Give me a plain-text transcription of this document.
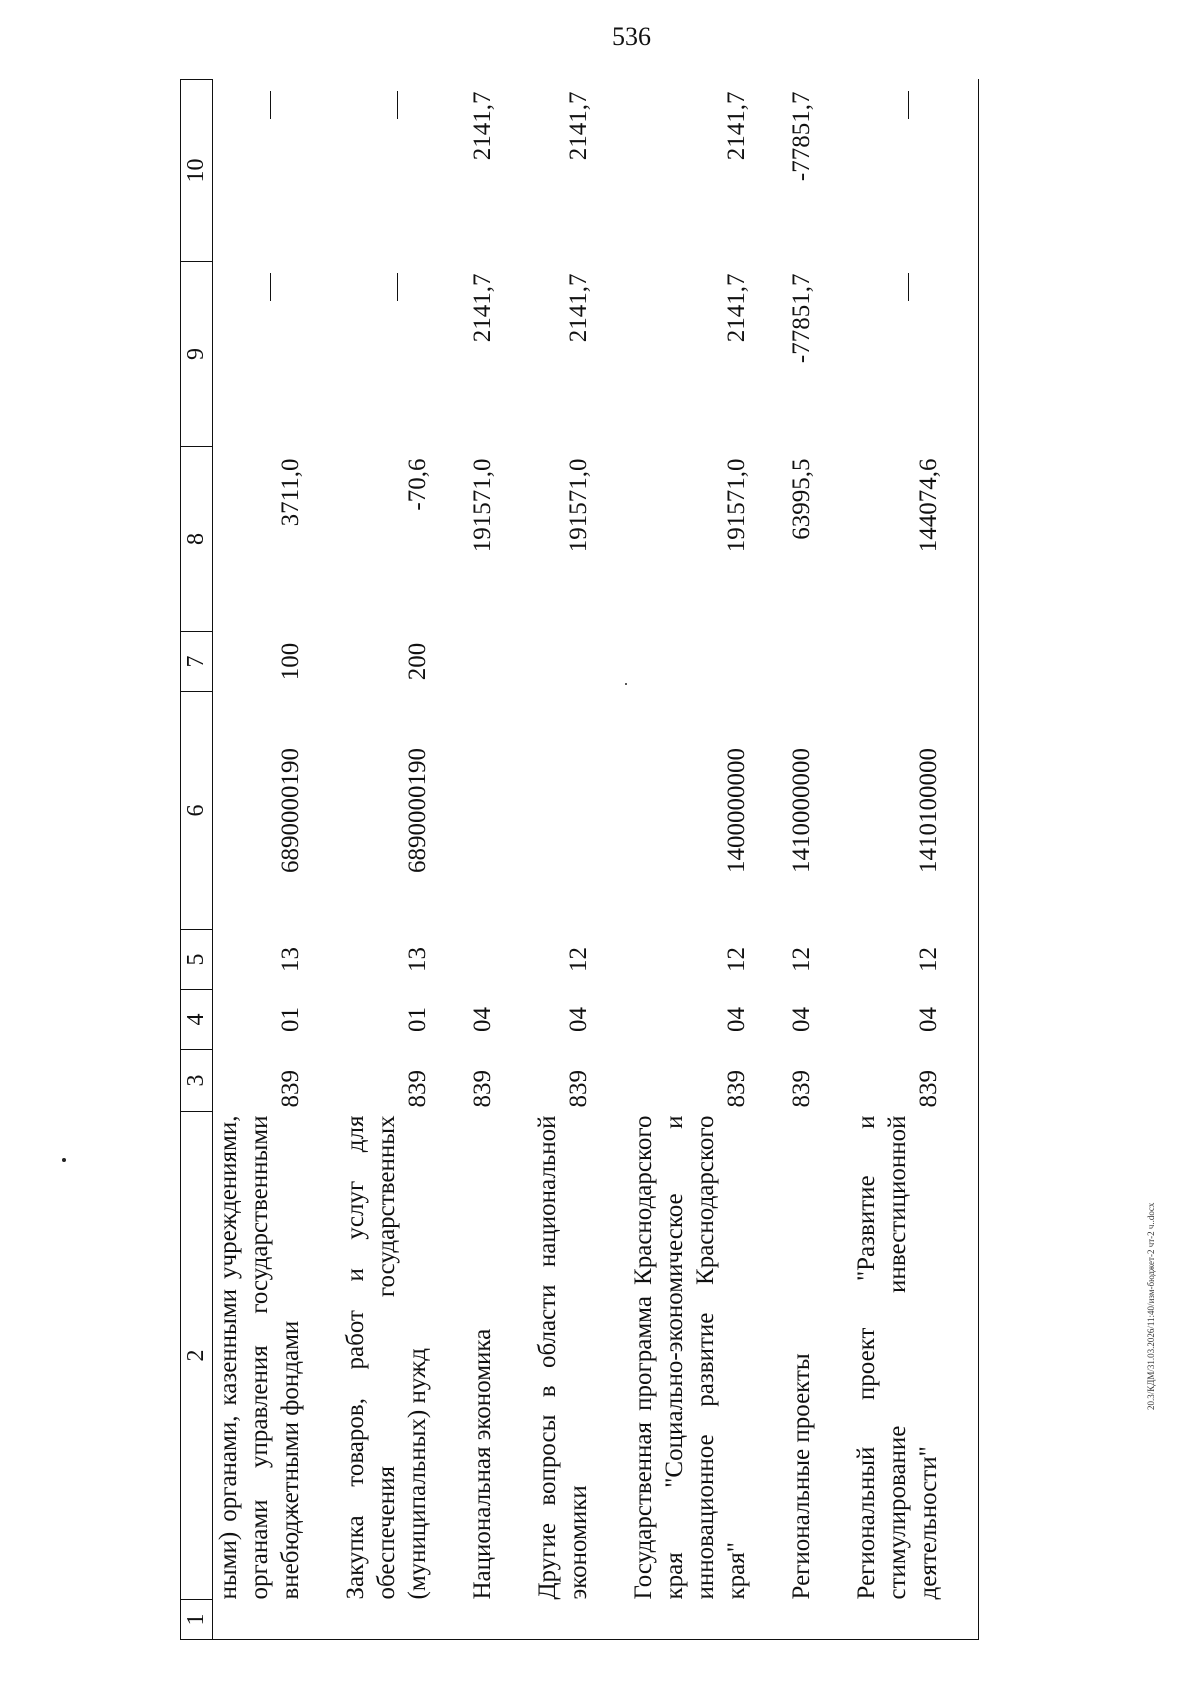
536
20.3/КДМ/31.03.2026/11:40/изм-бюджет-2 чт-2 ч..docx
1	2	3	4	5	6	7	8	9	10
	ными) органами, казенными учреждениями, органами управления государственными внебюджетными фондами	839	01	13	6890000190	100	3711,0		

	Закупка товаров, работ и услуг для обеспечения государственных (муниципальных) нужд	839	01	13	6890000190	200	-70,6		

	Национальная экономика	839	04				191571,0	2141,7	2141,7

	Другие вопросы в области национальной экономики	839	04	12			191571,0	2141,7	2141,7

	Государственная программа Краснодарского края "Социально-экономическое и инновационное развитие Краснодарского края"	839	04	12	1400000000		191571,0	2141,7	2141,7

	Региональные проекты	839	04	12	1410000000		63995,5	-77851,7	-77851,7

	Региональный проект "Развитие и стимулирование инвестиционной деятельности"	839	04	12	1410100000		144074,6		
